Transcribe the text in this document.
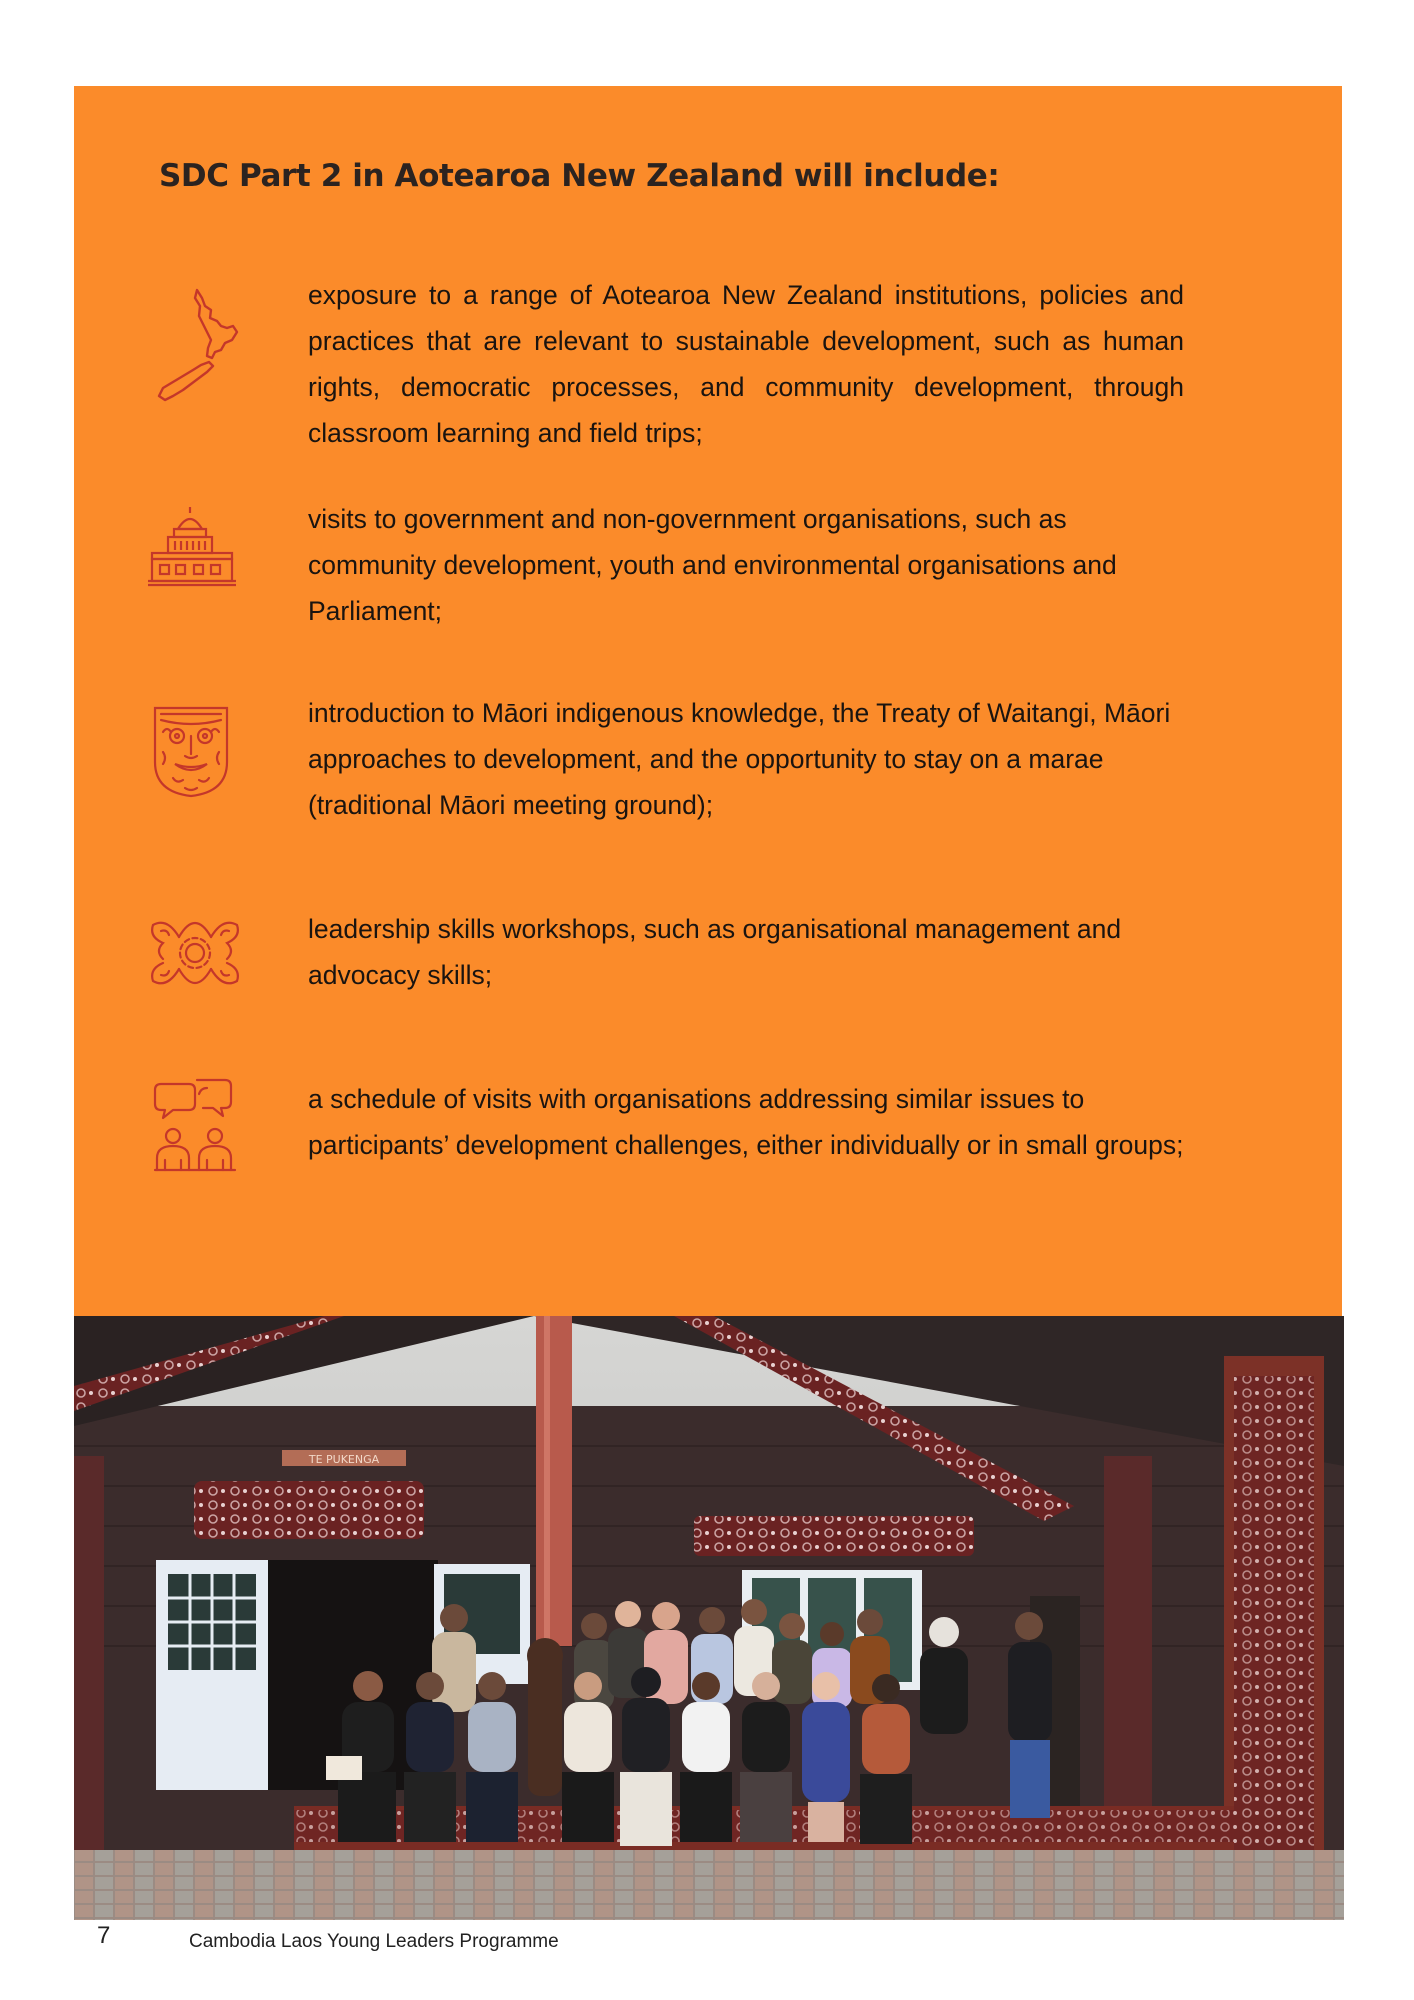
SDC Part 2 in Aotearoa New Zealand will include:

exposure to a range of Aotearoa New Zealand institutions, policies and practices that are relevant to sustainable development, such as human rights, democratic processes, and community development, through classroom learning and field trips;

visits to government and non-government organisations, such as community development, youth and environmental organisations and Parliament;

introduction to Māori indigenous knowledge, the Treaty of Waitangi, Māori approaches to development, and the opportunity to stay on a marae (traditional Māori meeting ground);

leadership skills workshops, such as organisational management and advocacy skills;

a schedule of visits with organisations addressing similar issues to participants’ development challenges, either individually or in small groups;

TE PUKENGA
7	Cambodia Laos Young Leaders Programme
